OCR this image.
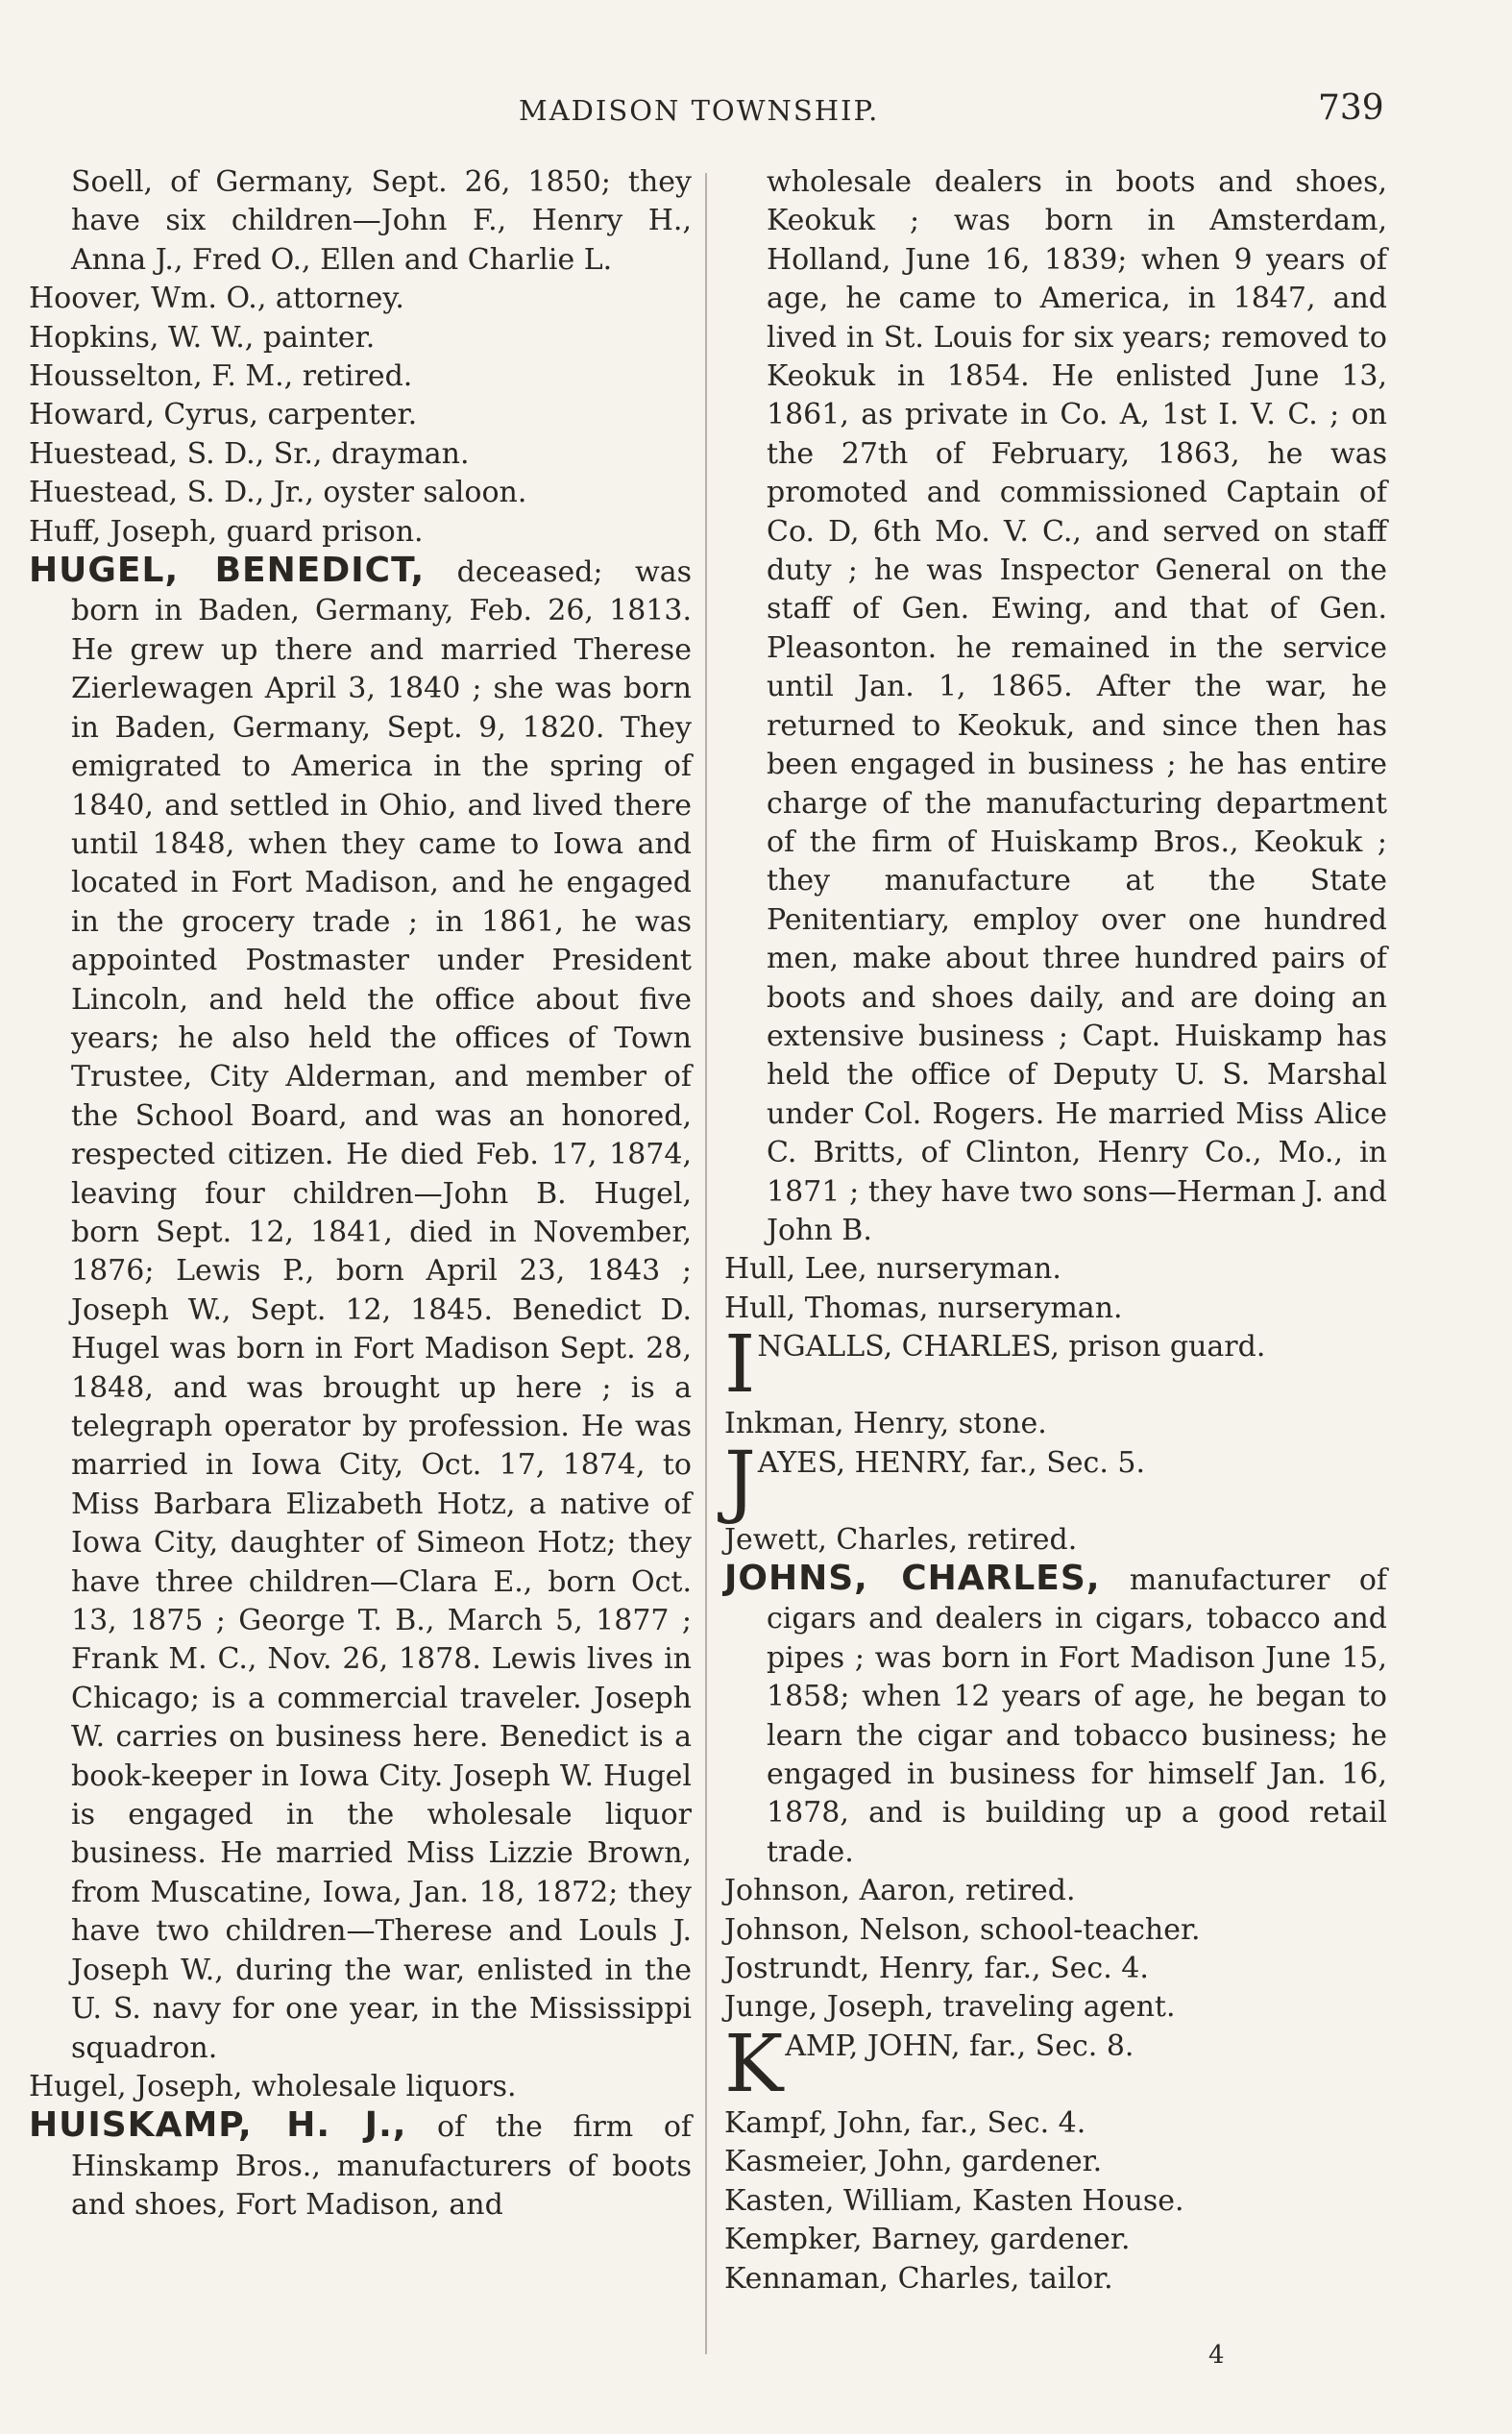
MADISON TOWNSHIP.	739

Soell, of Germany, Sept. 26, 1850; they have six children—John F., Henry H., Anna J., Fred O., Ellen and Charlie L.

Hoover, Wm. O., attorney.

Hopkins, W. W., painter.

Housselton, F. M., retired.

Howard, Cyrus, carpenter.

Huestead, S. D., Sr., drayman.

Huestead, S. D., Jr., oyster saloon.

Huff, Joseph, guard prison.

HUGEL, BENEDICT, deceased; was born in Baden, Germany, Feb. 26, 1813. He grew up there and married Therese Zierlewagen April 3, 1840 ; she was born in Baden, Germany, Sept. 9, 1820. They emigrated to America in the spring of 1840, and settled in Ohio, and lived there until 1848, when they came to Iowa and located in Fort Madison, and he engaged in the grocery trade ; in 1861, he was appointed Postmaster under President Lincoln, and held the office about five years; he also held the offices of Town Trustee, City Alderman, and member of the School Board, and was an honored, respected citizen. He died Feb. 17, 1874, leaving four children—John B. Hugel, born Sept. 12, 1841, died in November, 1876; Lewis P., born April 23, 1843 ; Joseph W., Sept. 12, 1845. Benedict D. Hugel was born in Fort Madison Sept. 28, 1848, and was brought up here ; is a telegraph operator by profession. He was married in Iowa City, Oct. 17, 1874, to Miss Barbara Elizabeth Hotz, a native of Iowa City, daughter of Simeon Hotz; they have three children—Clara E., born Oct. 13, 1875 ; George T. B., March 5, 1877 ; Frank M. C., Nov. 26, 1878. Lewis lives in Chicago; is a commercial traveler. Joseph W. carries on business here. Benedict is a book-keeper in Iowa City. Joseph W. Hugel is engaged in the wholesale liquor business. He married Miss Lizzie Brown, from Muscatine, Iowa, Jan. 18, 1872; they have two children—Therese and Louls J. Joseph W., during the war, enlisted in the U. S. navy for one year, in the Mississippi squadron.

Hugel, Joseph, wholesale liquors.

HUISKAMP, H. J., of the firm of Hinskamp Bros., manufacturers of boots and shoes, Fort Madison, and

wholesale dealers in boots and shoes, Keokuk ; was born in Amsterdam, Holland, June 16, 1839; when 9 years of age, he came to America, in 1847, and lived in St. Louis for six years; removed to Keokuk in 1854. He enlisted June 13, 1861, as private in Co. A, 1st I. V. C. ; on the 27th of February, 1863, he was promoted and commissioned Captain of Co. D, 6th Mo. V. C., and served on staff duty ; he was Inspector General on the staff of Gen. Ewing, and that of Gen. Pleasonton. he remained in the service until Jan. 1, 1865. After the war, he returned to Keokuk, and since then has been engaged in business ; he has entire charge of the manufacturing department of the firm of Huiskamp Bros., Keokuk ; they manufacture at the State Penitentiary, employ over one hundred men, make about three hundred pairs of boots and shoes daily, and are doing an extensive business ; Capt. Huiskamp has held the office of Deputy U. S. Marshal under Col. Rogers. He married Miss Alice C. Britts, of Clinton, Henry Co., Mo., in 1871 ; they have two sons—Herman J. and John B.

Hull, Lee, nurseryman.

Hull, Thomas, nurseryman.

INGALLS, CHARLES, prison guard.

Inkman, Henry, stone.

JAYES, HENRY, far., Sec. 5.

Jewett, Charles, retired.

JOHNS, CHARLES, manufacturer of cigars and dealers in cigars, tobacco and pipes ; was born in Fort Madison June 15, 1858; when 12 years of age, he began to learn the cigar and tobacco business; he engaged in business for himself Jan. 16, 1878, and is building up a good retail trade.

Johnson, Aaron, retired.

Johnson, Nelson, school-teacher.

Jostrundt, Henry, far., Sec. 4.

Junge, Joseph, traveling agent.

KAMP, JOHN, far., Sec. 8.

Kampf, John, far., Sec. 4.

Kasmeier, John, gardener.

Kasten, William, Kasten House.

Kempker, Barney, gardener.

Kennaman, Charles, tailor.

4
